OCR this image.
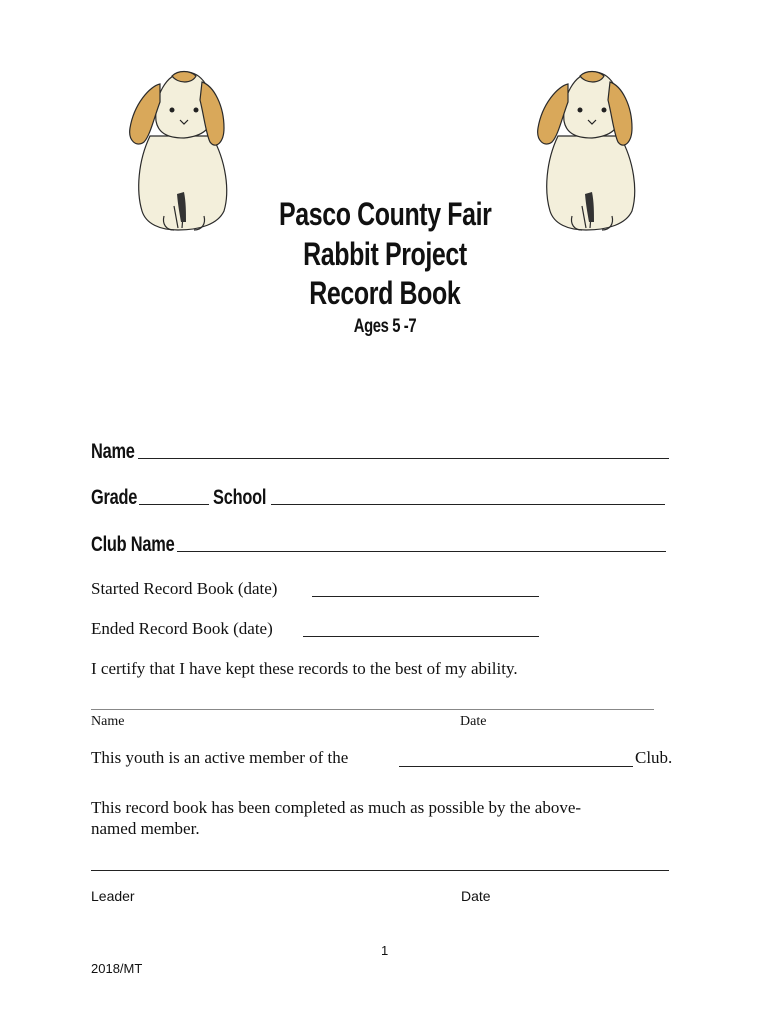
Pasco County Fair
Rabbit Project
Record Book
Ages 5 -7
Name
Grade	School
Club Name
Started Record Book (date)
Ended Record Book (date)
I certify that I have kept these records to the best of my ability.
Name	Date
This youth is an active member of the	Club.
This record book has been completed as much as possible by the above-
named member.
Leader	Date
1
2018/MT
